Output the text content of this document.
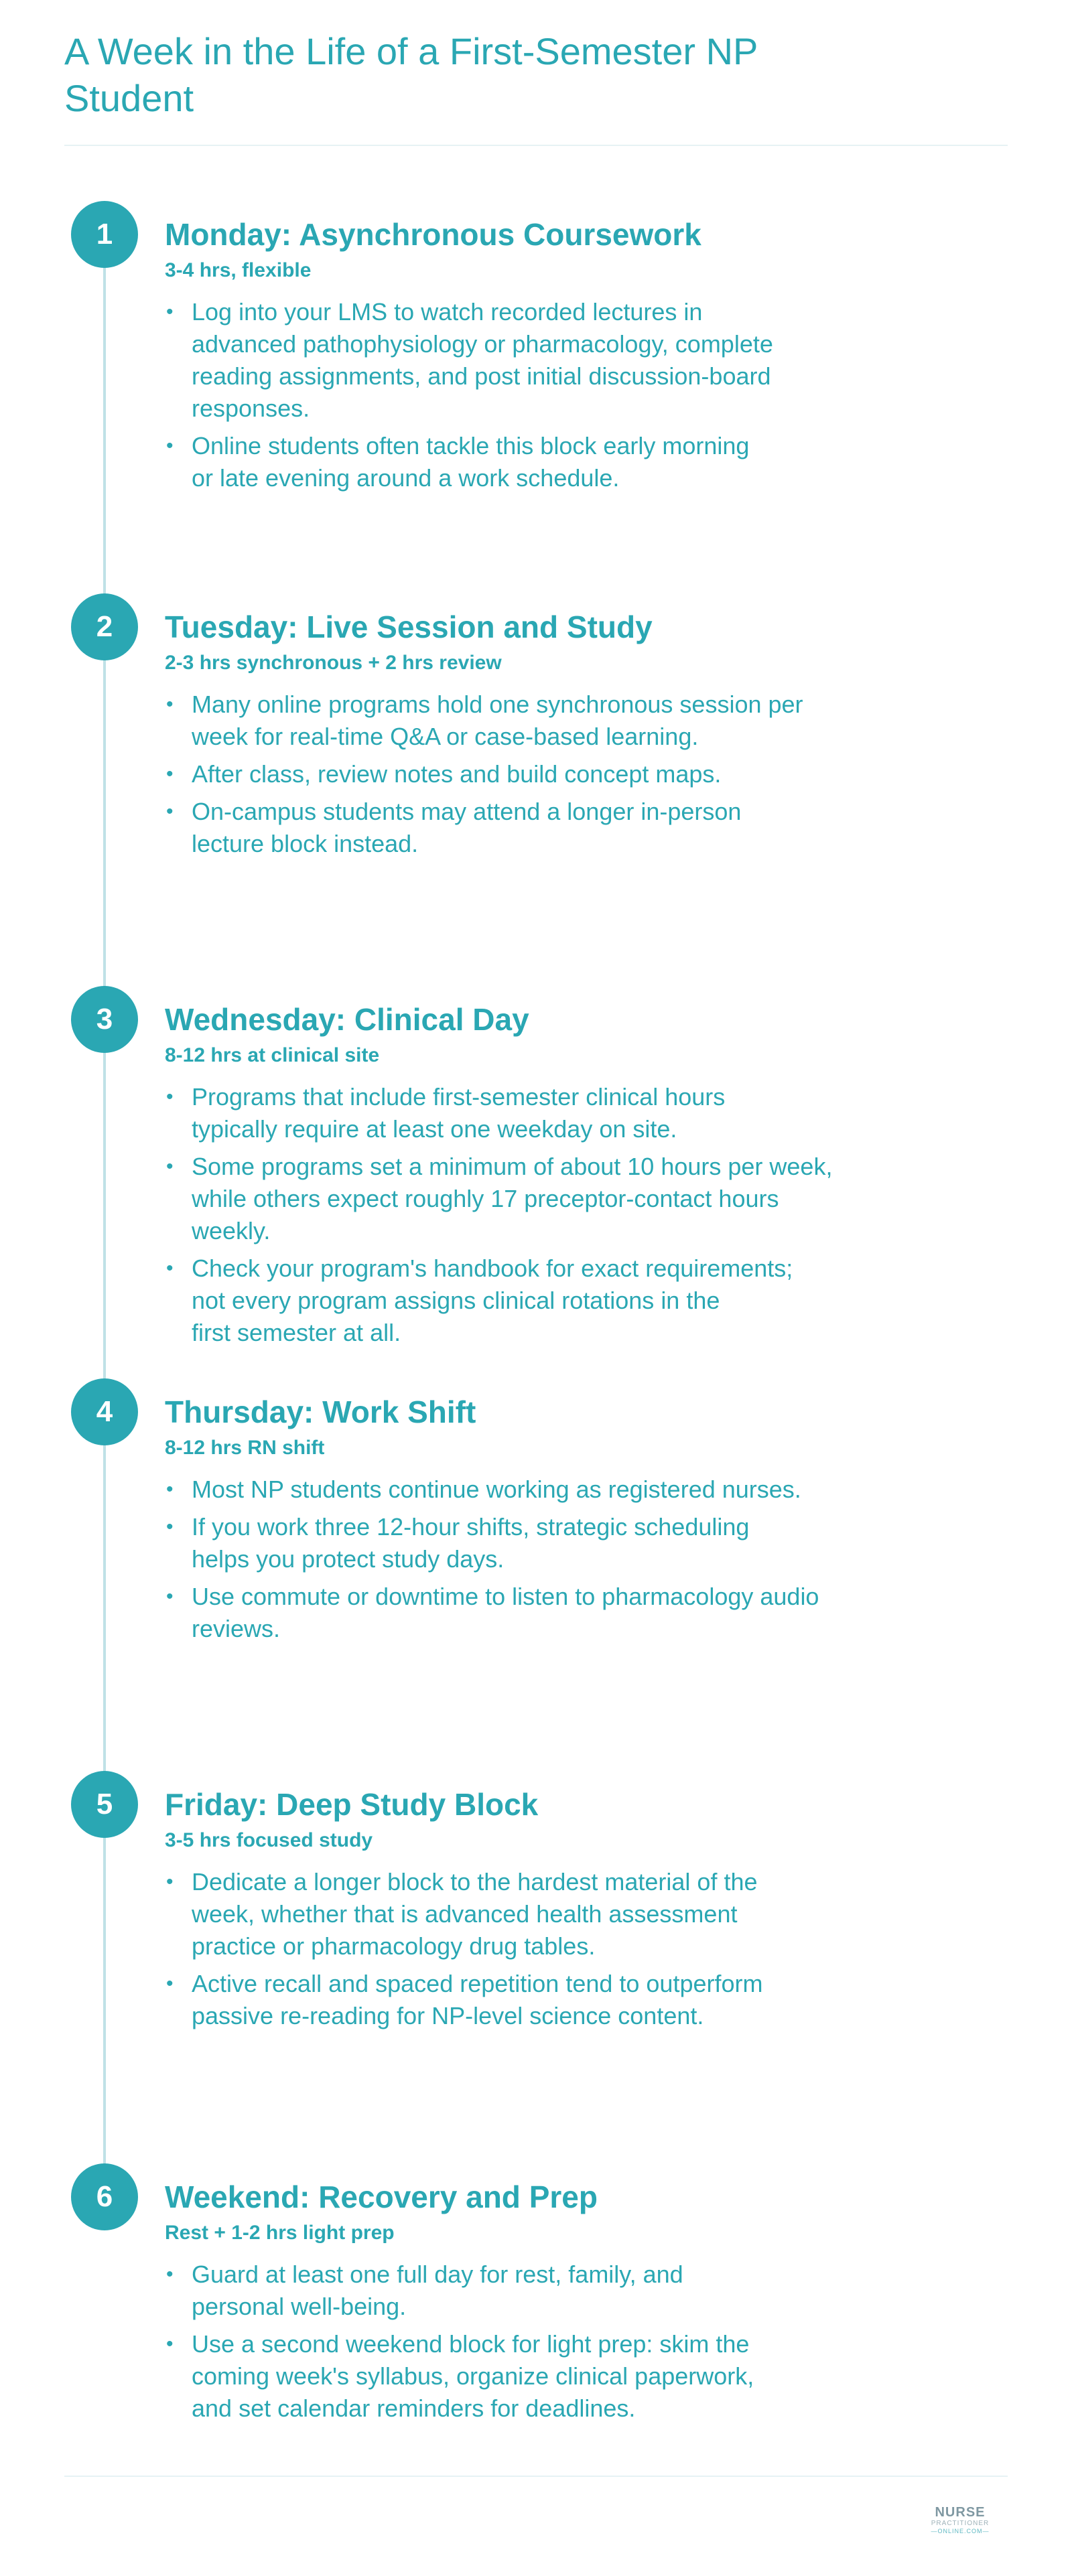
A Week in the Life of a First-Semester NP
Student
1	Monday: Asynchronous Coursework
3-4 hrs, flexible
• Log into your LMS to watch recorded lectures in
advanced pathophysiology or pharmacology, complete
reading assignments, and post initial discussion-board
responses.
• Online students often tackle this block early morning
or late evening around a work schedule.
2	Tuesday: Live Session and Study
2-3 hrs synchronous + 2 hrs review
• Many online programs hold one synchronous session per
week for real-time Q&A or case-based learning.
• After class, review notes and build concept maps.
• On-campus students may attend a longer in-person
lecture block instead.
3	Wednesday: Clinical Day
8-12 hrs at clinical site
• Programs that include first-semester clinical hours
typically require at least one weekday on site.
• Some programs set a minimum of about 10 hours per week,
while others expect roughly 17 preceptor-contact hours
weekly.
• Check your program's handbook for exact requirements;
not every program assigns clinical rotations in the
first semester at all.
4	Thursday: Work Shift
8-12 hrs RN shift
• Most NP students continue working as registered nurses.
• If you work three 12-hour shifts, strategic scheduling
helps you protect study days.
• Use commute or downtime to listen to pharmacology audio
reviews.
5	Friday: Deep Study Block
3-5 hrs focused study
• Dedicate a longer block to the hardest material of the
week, whether that is advanced health assessment
practice or pharmacology drug tables.
• Active recall and spaced repetition tend to outperform
passive re-reading for NP-level science content.
6	Weekend: Recovery and Prep
Rest + 1-2 hrs light prep
• Guard at least one full day for rest, family, and
personal well-being.
• Use a second weekend block for light prep: skim the
coming week's syllabus, organize clinical paperwork,
and set calendar reminders for deadlines.
NURSE
PRACTITIONER
—ONLINE.COM—
